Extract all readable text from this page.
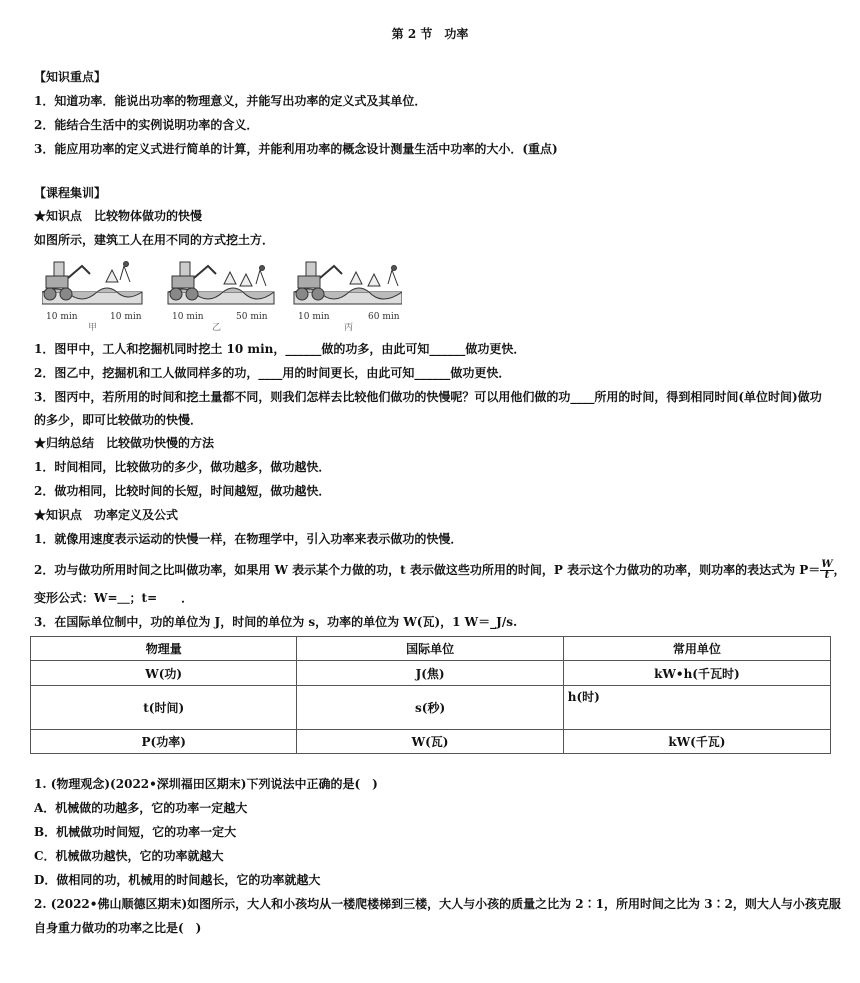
第 2 节　功率
【知识重点】
1．知道功率．能说出功率的物理意义，并能写出功率的定义式及其单位．
2．能结合生活中的实例说明功率的含义．
3．能应用功率的定义式进行简单的计算，并能利用功率的概念设计测量生活中功率的大小．(重点)
【课程集训】
★知识点　比较物体做功的快慢
如图所示，建筑工人在用不同的方式挖土方．
10 min	10 min
甲
10 min	50 min
乙
10 min	60 min
丙
1．图甲中，工人和挖掘机同时挖土 10 min，______做的功多，由此可知______做功更快．
2．图乙中，挖掘机和工人做同样多的功，____用的时间更长，由此可知______做功更快．
3．图丙中，若所用的时间和挖土量都不同，则我们怎样去比较他们做功的快慢呢？可以用他们做的功____所用的时间，得到相同时间(单位时间)做功
的多少，即可比较做功的快慢．
★归纳总结　比较做功快慢的方法
1．时间相同，比较做功的多少，做功越多，做功越快．
2．做功相同，比较时间的长短，时间越短，做功越快．
★知识点　功率定义及公式
1．就像用速度表示运动的快慢一样，在物理学中，引入功率来表示做功的快慢．
2．功与做功所用时间之比叫做功率，如果用 W 表示某个力做的功，t 表示做这些功所用的时间，P 表示这个力做功的功率，则功率的表达式为 $P= \frac{W}{t}$ ，
变形公式：W=＿；t=　　．
3．在国际单位制中，功的单位为 J，时间的单位为 s，功率的单位为 W(瓦)，1 W＝_J/s.
物理量	国际单位	常用单位
W(功)	J(焦)	kW•h(千瓦时)
t(时间)	s(秒)	h(时)
P(功率)	W(瓦)	kW(千瓦)
1. (物理观念)(2022•深圳福田区期末)下列说法中正确的是(　)
A．机械做的功越多，它的功率一定越大
B．机械做功时间短，它的功率一定大
C．机械做功越快，它的功率就越大
D．做相同的功，机械用的时间越长，它的功率就越大
2. (2022•佛山顺德区期末)如图所示，大人和小孩均从一楼爬楼梯到三楼，大人与小孩的质量之比为 2∶1，所用时间之比为 3∶2，则大人与小孩克服
自身重力做功的功率之比是(　)
